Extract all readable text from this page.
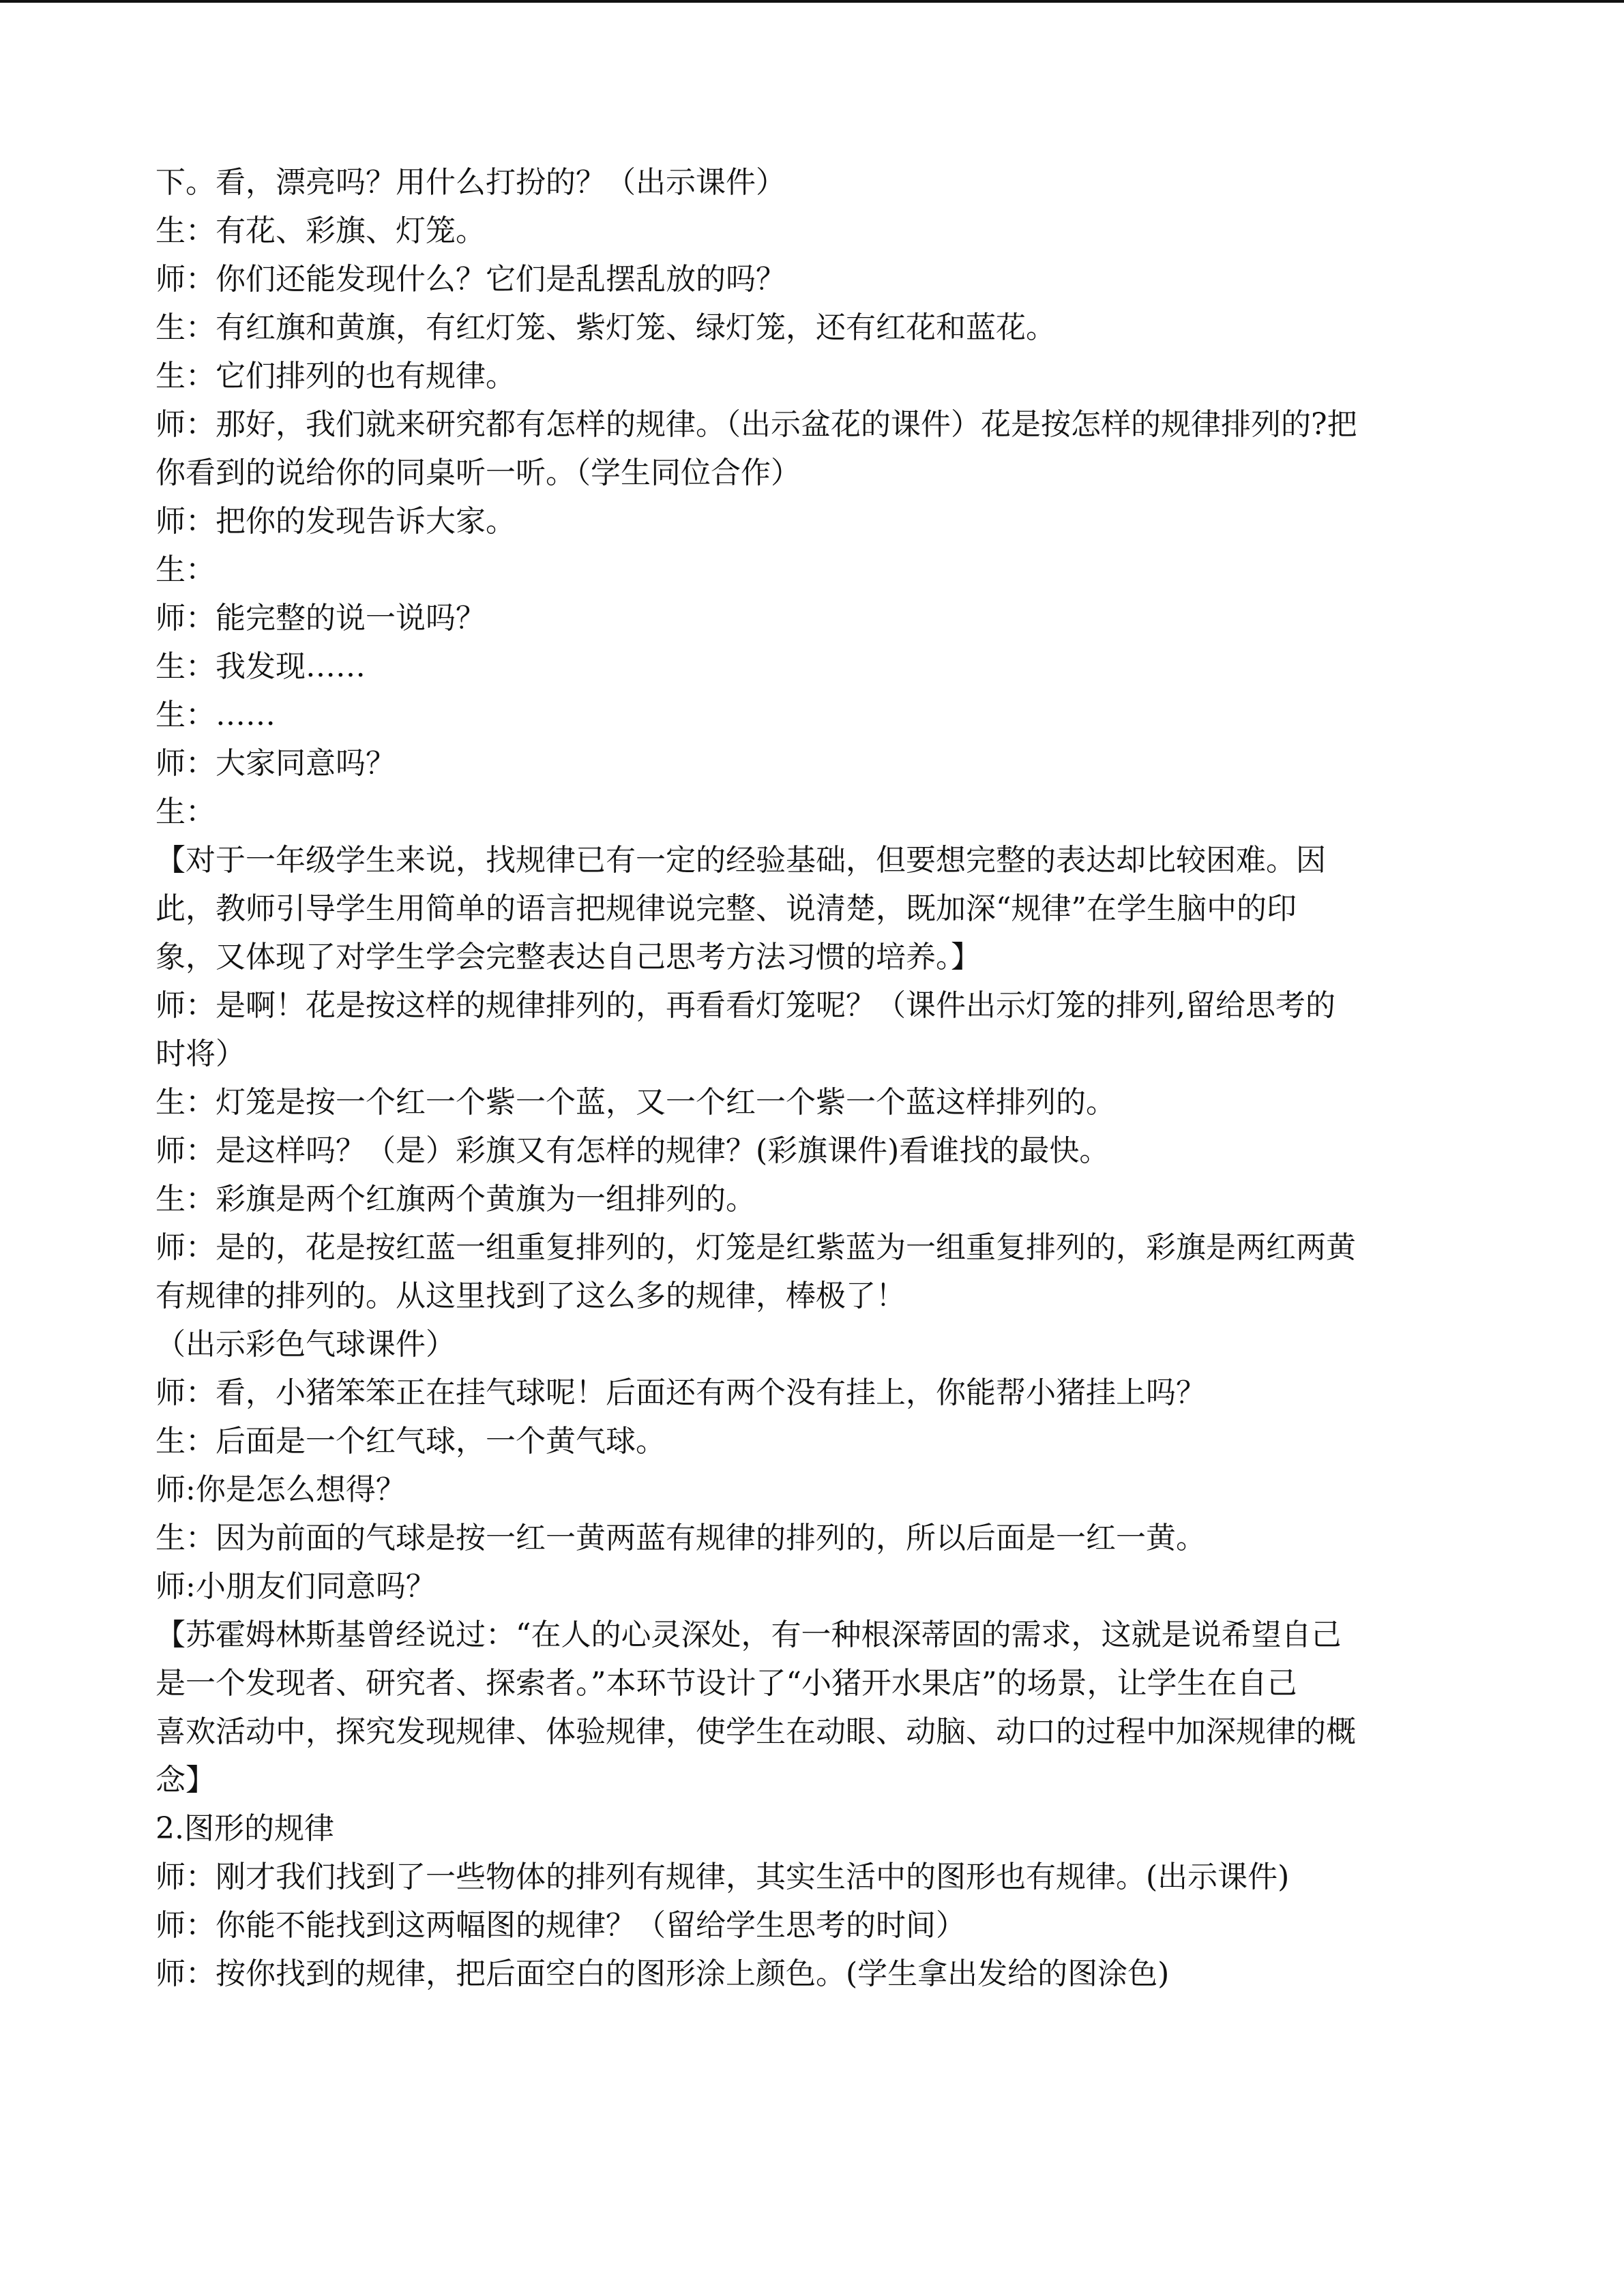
下。看，漂亮吗？用什么打扮的？（出示课件）
生：有花、彩旗、灯笼。
师：你们还能发现什么？它们是乱摆乱放的吗？
生：有红旗和黄旗，有红灯笼、紫灯笼、绿灯笼，还有红花和蓝花。
生：它们排列的也有规律。
师：那好，我们就来研究都有怎样的规律。（出示盆花的课件）花是按怎样的规律排列的?把
你看到的说给你的同桌听一听。（学生同位合作）
师：把你的发现告诉大家。
生：
师：能完整的说一说吗？
生：我发现……
生：……
师：大家同意吗？
生：
【对于一年级学生来说，找规律已有一定的经验基础，但要想完整的表达却比较困难。因
此，教师引导学生用简单的语言把规律说完整、说清楚，既加深“规律”在学生脑中的印
象，又体现了对学生学会完整表达自己思考方法习惯的培养。】
师：是啊！花是按这样的规律排列的，再看看灯笼呢？（课件出示灯笼的排列,留给思考的
时将）
生：灯笼是按一个红一个紫一个蓝，又一个红一个紫一个蓝这样排列的。
师：是这样吗？（是）彩旗又有怎样的规律？(彩旗课件)看谁找的最快。
生：彩旗是两个红旗两个黄旗为一组排列的。
师：是的，花是按红蓝一组重复排列的，灯笼是红紫蓝为一组重复排列的，彩旗是两红两黄
有规律的排列的。从这里找到了这么多的规律，棒极了！
（出示彩色气球课件）
师：看，小猪笨笨正在挂气球呢！后面还有两个没有挂上，你能帮小猪挂上吗？
生：后面是一个红气球，一个黄气球。
师:你是怎么想得？
生：因为前面的气球是按一红一黄两蓝有规律的排列的，所以后面是一红一黄。
师:小朋友们同意吗？
【苏霍姆林斯基曾经说过：“在人的心灵深处，有一种根深蒂固的需求，这就是说希望自己
是一个发现者、研究者、探索者。”本环节设计了“小猪开水果店”的场景，让学生在自己
喜欢活动中，探究发现规律、体验规律，使学生在动眼、动脑、动口的过程中加深规律的概
念】
2.图形的规律
师：刚才我们找到了一些物体的排列有规律，其实生活中的图形也有规律。(出示课件)
师：你能不能找到这两幅图的规律？（留给学生思考的时间）
师：按你找到的规律，把后面空白的图形涂上颜色。(学生拿出发给的图涂色)
